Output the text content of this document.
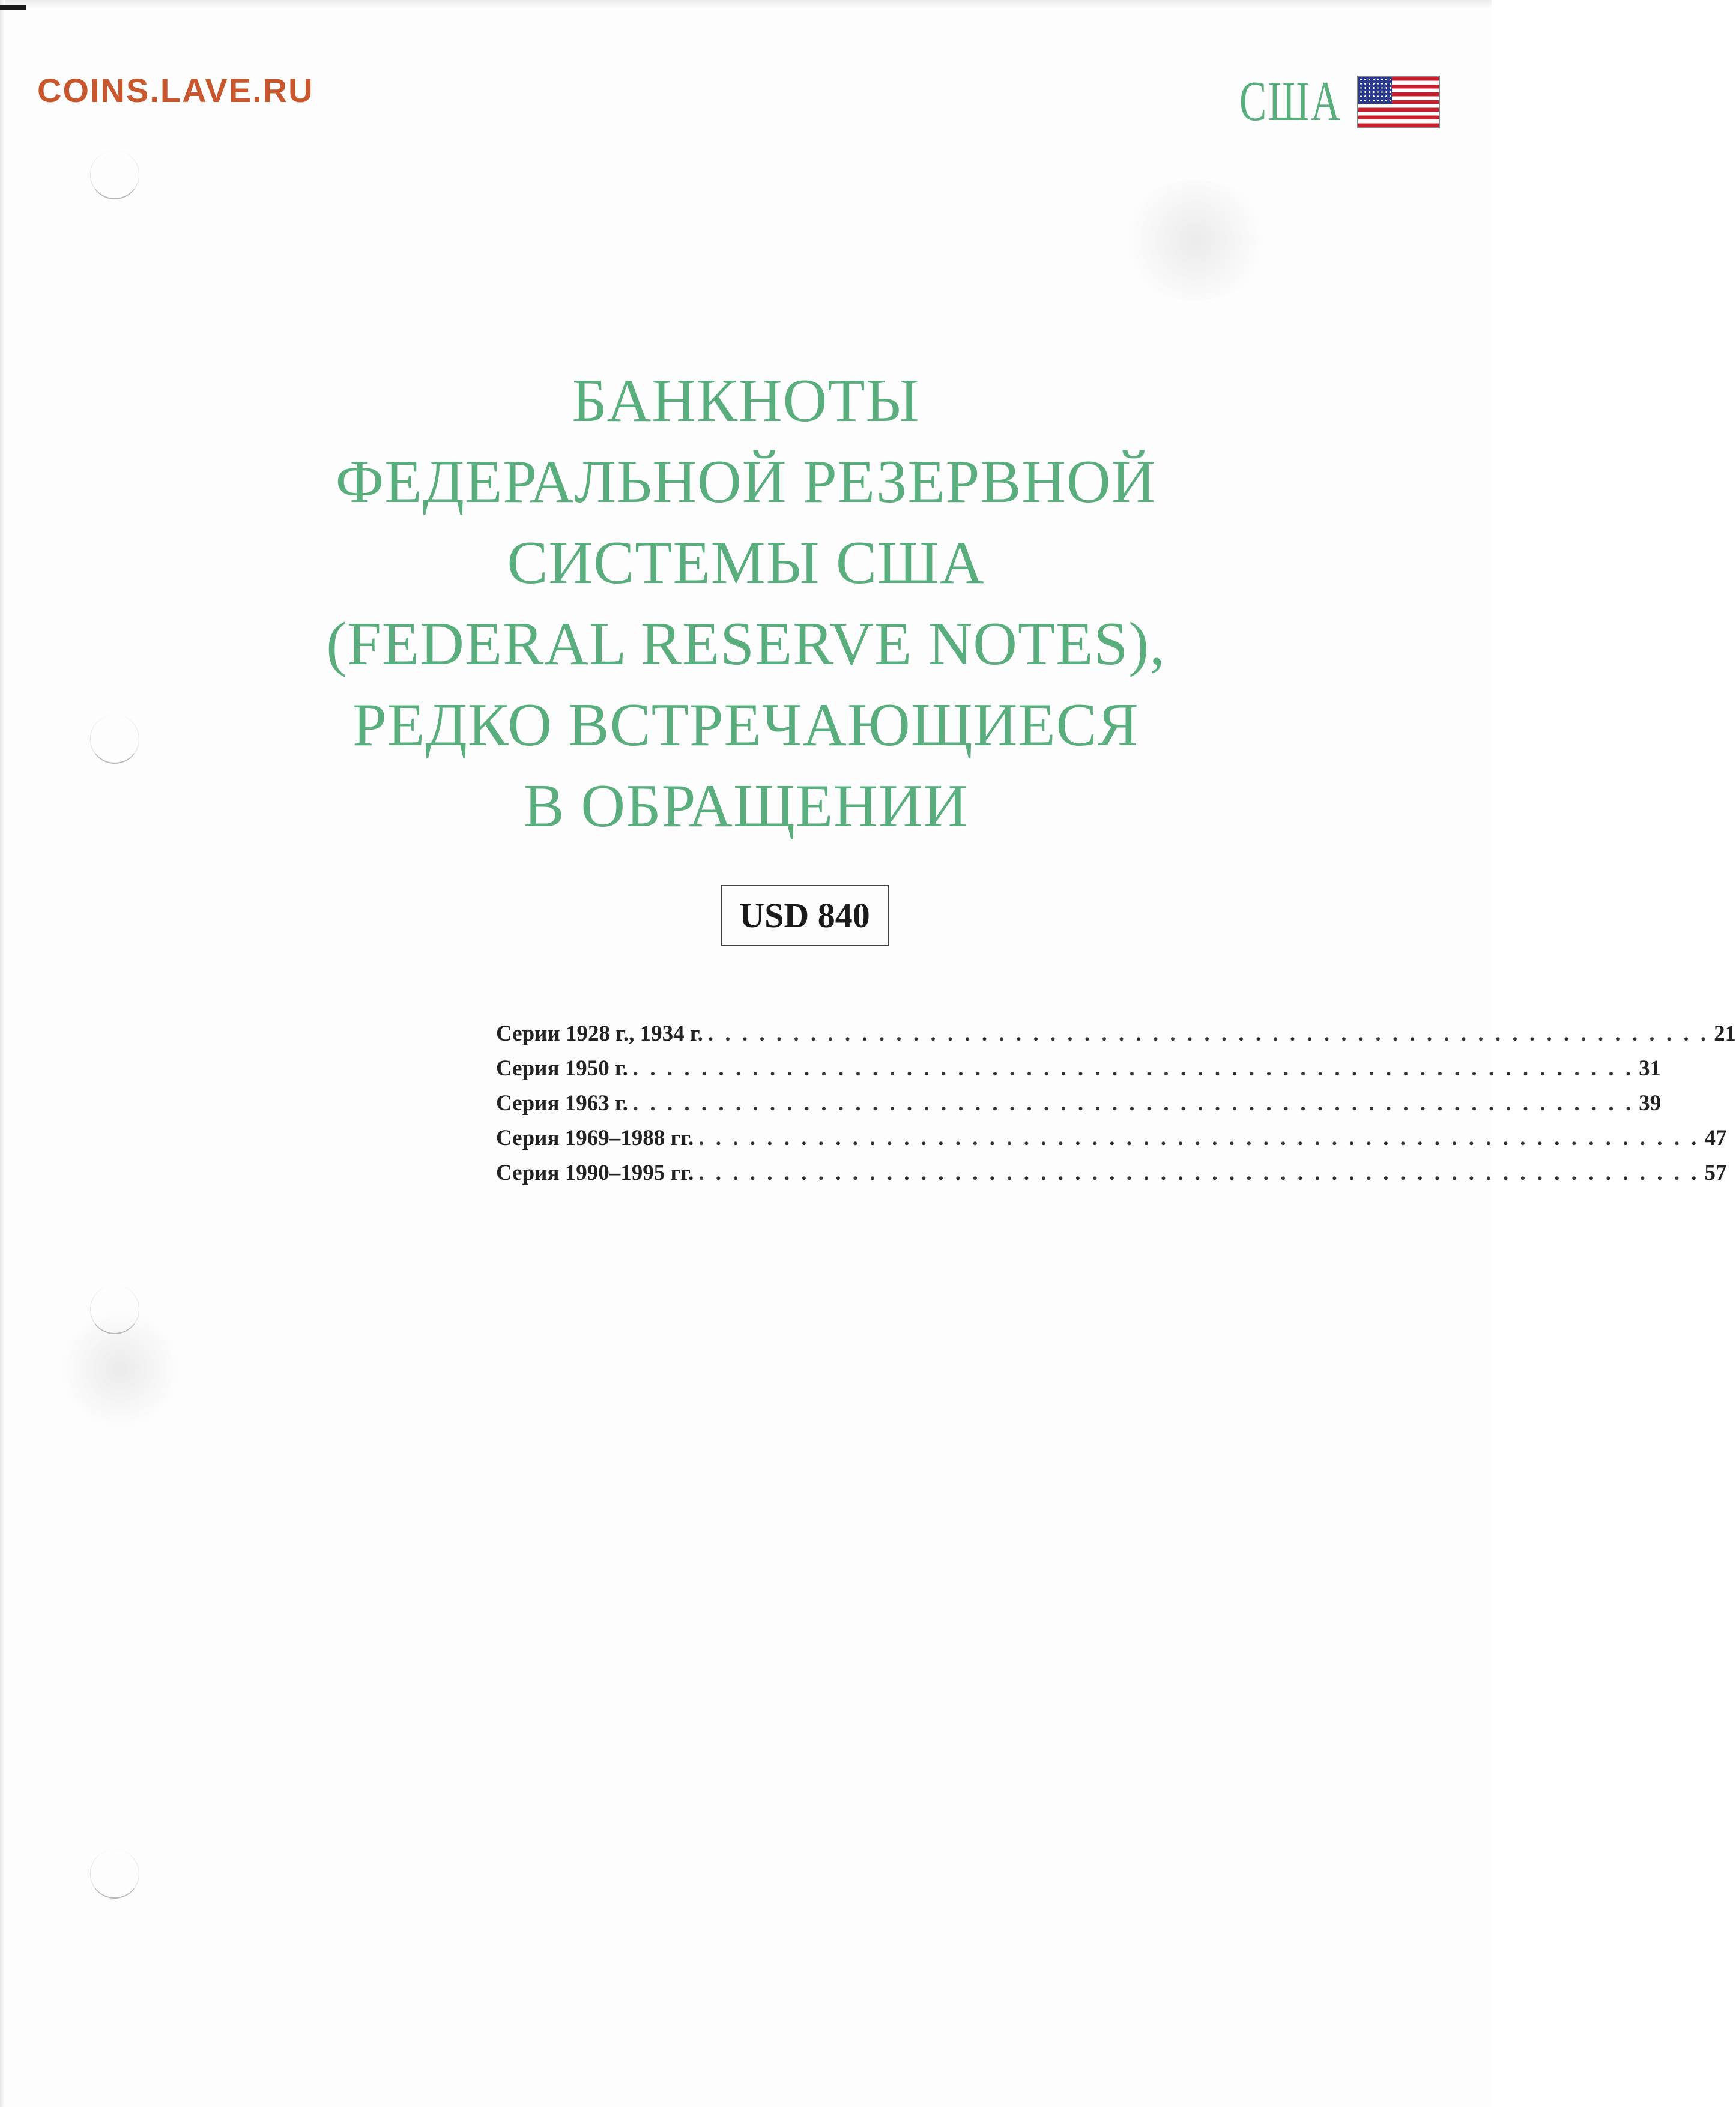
COINS.LAVE.RU	США
БАНКНОТЫ
ФЕДЕРАЛЬНОЙ РЕЗЕРВНОЙ
СИСТЕМЫ США
(FEDERAL RESERVE NOTES),
РЕДКО ВСТРЕЧАЮЩИЕСЯ
В ОБРАЩЕНИИ
USD 840
Серии 1928 г., 1934 г. . . . . . . . . . . . . . . . . . . . . . . . . . . . . . . . . . . . . . . . . . . . . . . . . . . . . . . . . . . . 21
Серия 1950 г. . . . . . . . . . . . . . . . . . . . . . . . . . . . . . . . . . . . . . . . . . . . . . . . . . . . . . . . . . . . 31
Серия 1963 г. . . . . . . . . . . . . . . . . . . . . . . . . . . . . . . . . . . . . . . . . . . . . . . . . . . . . . . . . . . . 39
Серия 1969–1988 гг. . . . . . . . . . . . . . . . . . . . . . . . . . . . . . . . . . . . . . . . . . . . . . . . . . . . . . . . . . . . 47
Серия 1990–1995 гг. . . . . . . . . . . . . . . . . . . . . . . . . . . . . . . . . . . . . . . . . . . . . . . . . . . . . . . . . . . . 57
